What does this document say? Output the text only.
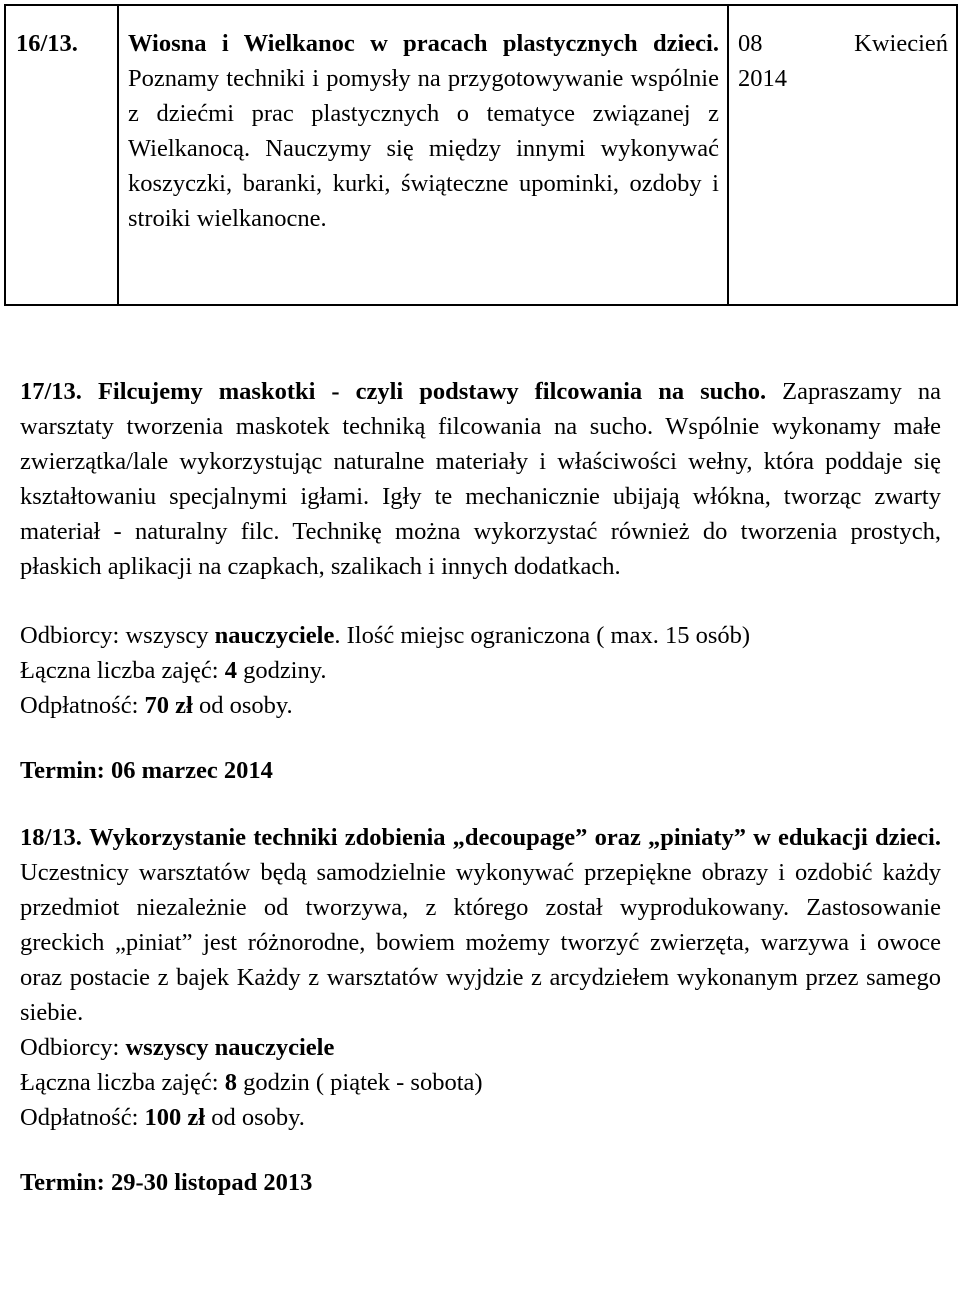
16/13.	Wiosna i Wielkanoc w pracach plastycznych dzieci. Poznamy techniki i pomysły na przygotowywanie wspólnie z dziećmi prac plastycznych o tematyce związanej z Wielkanocą. Nauczymy się między innymi wykonywać koszyczki, baranki, kurki, świąteczne upominki, ozdoby i stroiki wielkanocne.
08	Kwiecień
2014

17/13. Filcujemy maskotki - czyli podstawy filcowania na sucho. Zapraszamy na warsztaty tworzenia maskotek techniką filcowania na sucho. Wspólnie wykonamy małe zwierzątka/lale wykorzystując naturalne materiały i właściwości wełny, która poddaje się kształtowaniu specjalnymi igłami. Igły te mechanicznie ubijają włókna, tworząc zwarty materiał - naturalny filc. Technikę można wykorzystać również do tworzenia prostych, płaskich aplikacji na czapkach, szalikach i innych dodatkach.

Odbiorcy: wszyscy nauczyciele. Ilość miejsc ograniczona ( max. 15 osób)

Łączna liczba zajęć: 4 godziny.

Odpłatność: 70 zł od osoby.

Termin: 06 marzec 2014

18/13. Wykorzystanie techniki zdobienia „decoupage” oraz „piniaty” w edukacji dzieci. Uczestnicy warsztatów będą samodzielnie wykonywać przepiękne obrazy i ozdobić każdy przedmiot niezależnie od tworzywa, z którego został wyprodukowany. Zastosowanie greckich „piniat” jest różnorodne, bowiem możemy tworzyć zwierzęta, warzywa i owoce oraz postacie z bajek Każdy z warsztatów wyjdzie z arcydziełem wykonanym przez samego siebie.

Odbiorcy: wszyscy nauczyciele

Łączna liczba zajęć: 8 godzin ( piątek - sobota)

Odpłatność: 100 zł od osoby.

Termin: 29-30 listopad 2013
